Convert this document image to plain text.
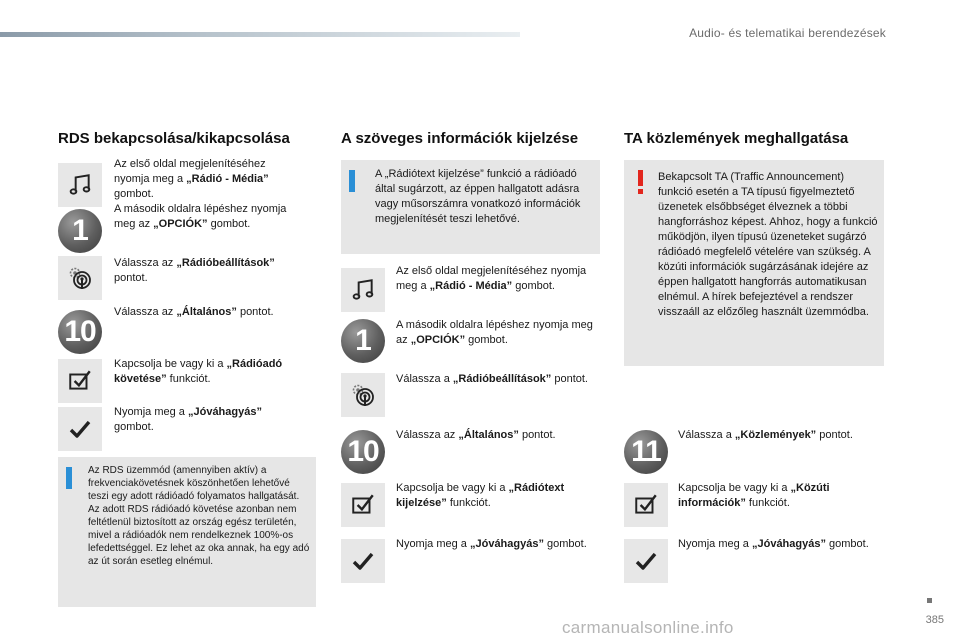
Audio- és telematikai berendezések
RDS bekapcsolása/kikapcsolása
1
Az első oldal megjelenítéséhez nyomja meg a „Rádió - Média” gombot.
A második oldalra lépéshez nyomja meg az „OPCIÓK” gombot.
Válassza az „Rádióbeállítások” pontot.
10
Válassza az „Általános” pontot.
Kapcsolja be vagy ki a „Rádióadó követése” funkciót.
Nyomja meg a „Jóváhagyás” gombot.
Az RDS üzemmód (amennyiben aktív) a frekvenciakövetésnek köszönhetően lehetővé teszi egy adott rádióadó folyamatos hallgatását. Az adott RDS rádióadó követése azonban nem feltétlenül biztosított az ország egész területén, mivel a rádióadók nem rendelkeznek 100%-os lefedettséggel. Ez lehet az oka annak, ha egy adó az út során esetleg elnémul.
A szöveges információk kijelzése
A „Rádiótext kijelzése” funkció a rádióadó által sugárzott, az éppen hallgatott adásra vagy műsorszámra vonatkozó információk megjelenítését teszi lehetővé.
Az első oldal megjelenítéséhez nyomja meg a „Rádió - Média” gombot.
1	A második oldalra lépéshez nyomja meg az „OPCIÓK” gombot.
Válassza a „Rádióbeállítások” pontot.
10	Válassza az „Általános” pontot.
Kapcsolja be vagy ki a „Rádiótext kijelzése” funkciót.
Nyomja meg a „Jóváhagyás” gombot.
TA közlemények meghallgatása
Bekapcsolt TA (Traffic Announcement) funkció esetén a TA típusú figyelmeztető üzenetek elsőbbséget élveznek a többi hangforráshoz képest. Ahhoz, hogy a funkció működjön, ilyen típusú üzeneteket sugárzó rádióadó megfelelő vételére van szükség. A közúti információk sugárzásának idejére az éppen hallgatott hangforrás automatikusan elnémul. A hírek befejeztével a rendszer visszaáll az előzőleg használt üzemmódba.
11	Válassza a „Közlemények” pontot.
Kapcsolja be vagy ki a „Közúti információk” funkciót.
Nyomja meg a „Jóváhagyás” gombot.
385
carmanualsonline.info
